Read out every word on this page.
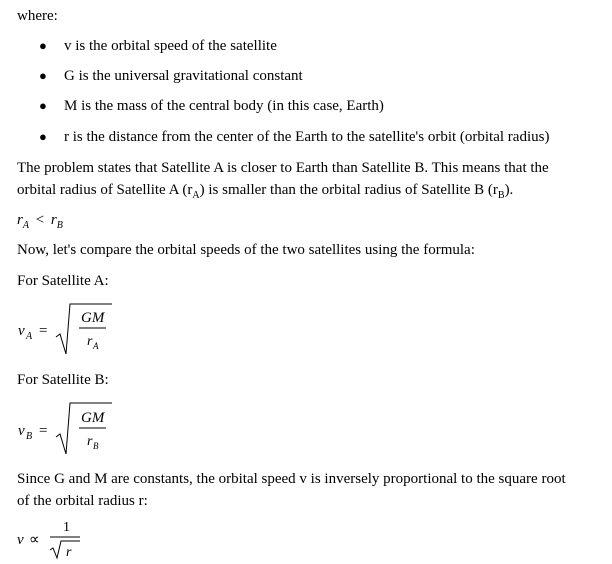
where:
● v is the orbital speed of the satellite
● G is the universal gravitational constant
● M is the mass of the central body (in this case, Earth)
● r is the distance from the center of the Earth to the satellite's orbit (orbital radius)
The problem states that Satellite A is closer to Earth than Satellite B. This means that the
orbital radius of Satellite A $(r_A)$ is smaller than the orbital radius of Satellite B $(r_B)$.
$r_A < r_B$
Now, let's compare the orbital speeds of the two satellites using the formula:
For Satellite A:
v A =
GM
r A
For Satellite B:
v B =
GM
r B
Since G and M are constants, the orbital speed v is inversely proportional to the square root
of the orbital radius r:
v ∝
1
r
